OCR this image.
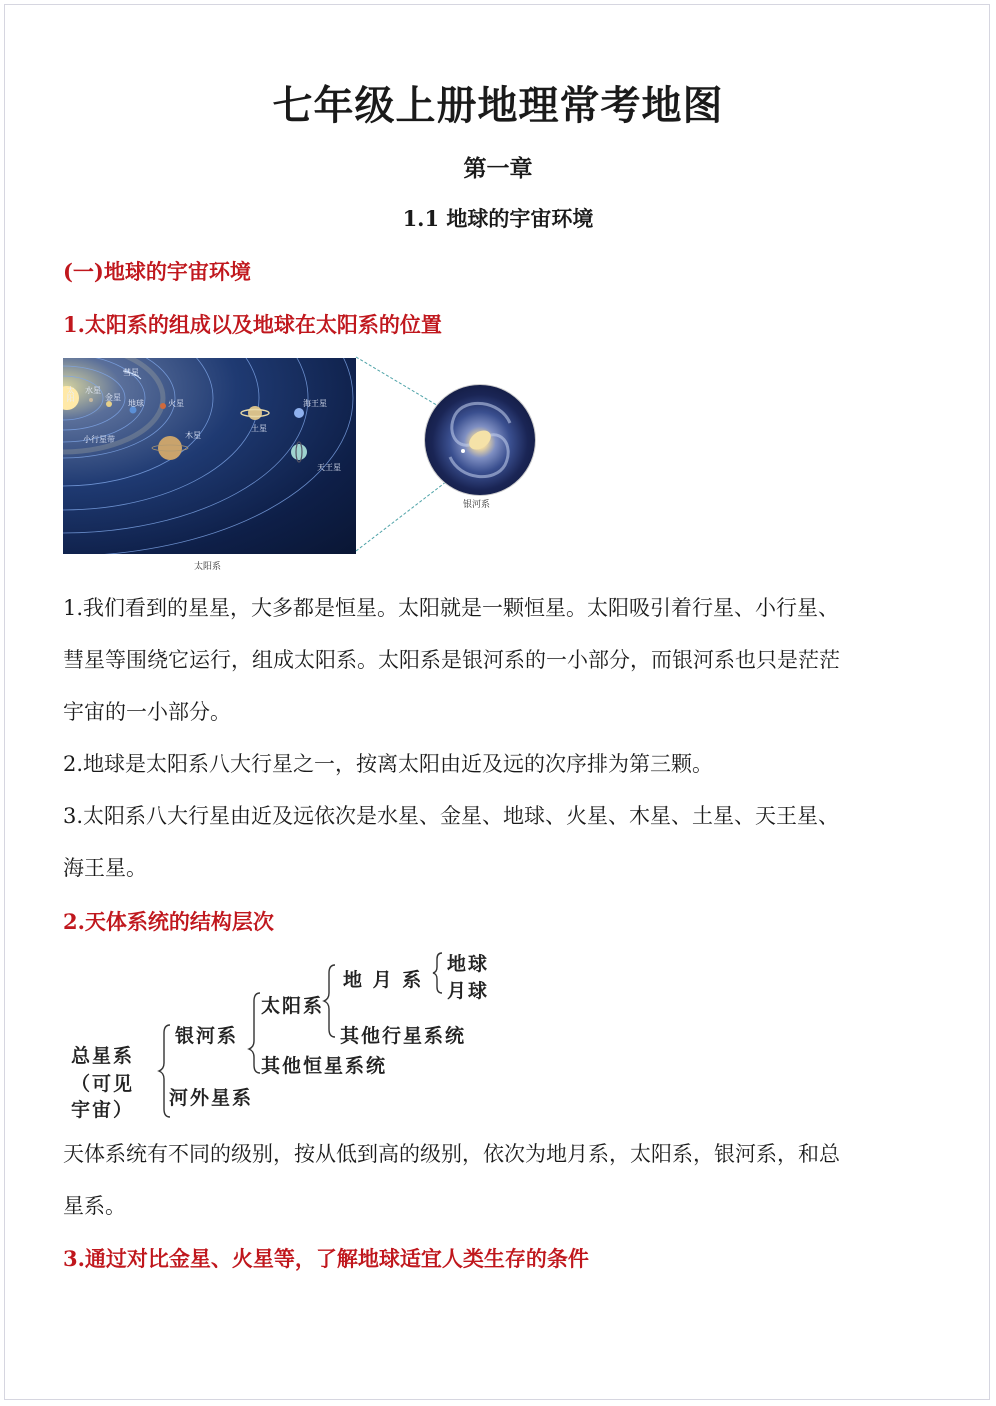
七年级上册地理常考地图
第一章
1.1 地球的宇宙环境
(一)地球的宇宙环境
1.太阳系的组成以及地球在太阳系的位置
太阳 水星
金星
地球	火星
彗星
小行星带	木星
土星
天王星
海王星
太阳系
银河系
1.我们看到的星星，大多都是恒星。太阳就是一颗恒星。太阳吸引着行星、小行星、
彗星等围绕它运行，组成太阳系。太阳系是银河系的一小部分，而银河系也只是茫茫
宇宙的一小部分。
2.地球是太阳系八大行星之一，按离太阳由近及远的次序排为第三颗。
3.太阳系八大行星由近及远依次是水星、金星、地球、火星、木星、土星、天王星、
海王星。
2.天体系统的结构层次
总星系
（可见
宇宙）
银河系
河外星系
太阳系
其他恒星系统
地 月 系
其他行星系统
地球
月球
天体系统有不同的级别，按从低到高的级别，依次为地月系，太阳系，银河系，和总
星系。
3.通过对比金星、火星等，了解地球适宜人类生存的条件
